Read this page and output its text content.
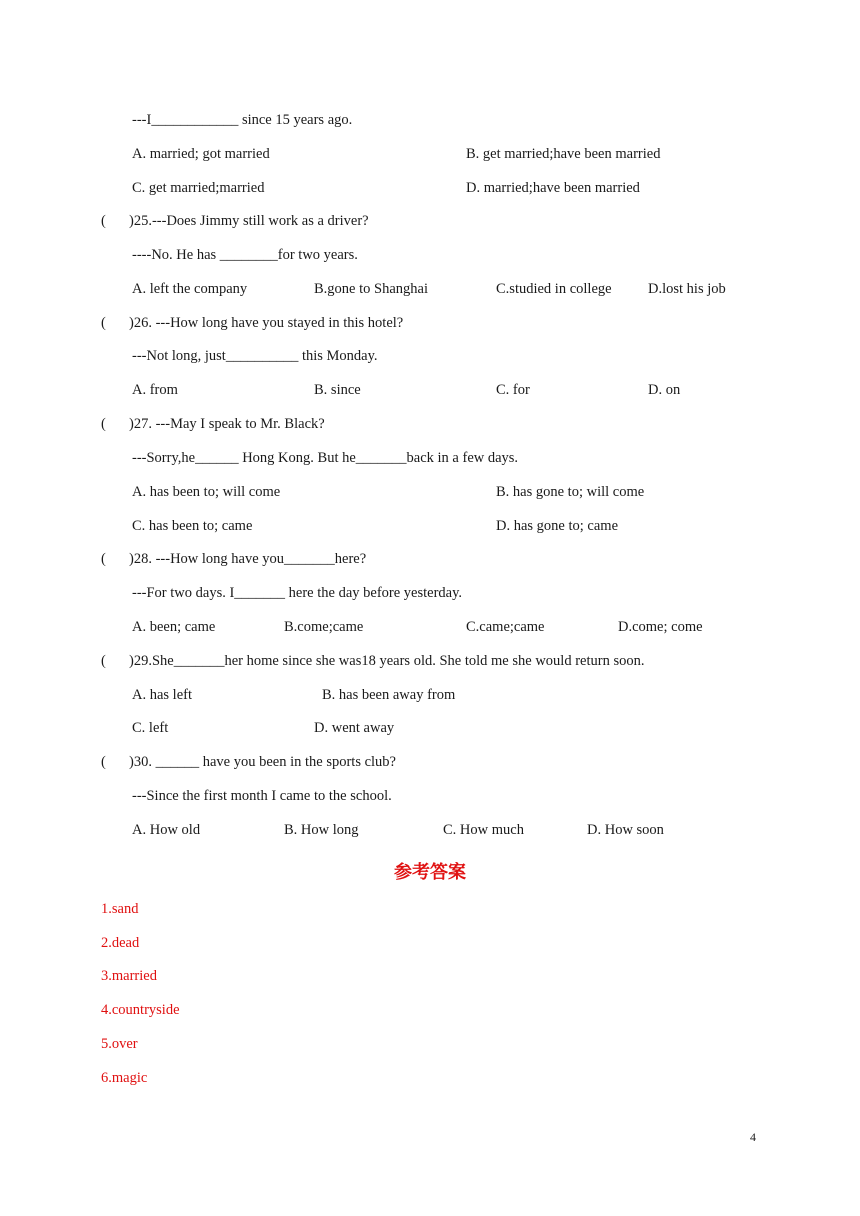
---I____________ since 15 years ago.
A. married; got married	B. get married;have been married
C. get married;married	D. married;have been married
( )25.---Does Jimmy still work as a driver?
----No. He has ________for two years.
A. left the company	B.gone to Shanghai	C.studied in college	D.lost his job
( )26. ---How long have you stayed in this hotel?
---Not long, just__________ this Monday.
A. from	B. since	C. for	D. on
( )27. ---May I speak to Mr. Black?
---Sorry,he______ Hong Kong. But he_______back in a few days.
A. has been to; will come	B. has gone to; will come
C. has been to; came	D. has gone to; came
( )28. ---How long have you_______here?
---For two days. I_______ here the day before yesterday.
A. been; came	B.come;came	C.came;came	D.come; come
( )29.She_______her home since she was18 years old. She told me she would return soon.
A. has left	B. has been away from
C. left	D. went away
( )30. ______ have you been in the sports club?
---Since the first month I came to the school.
A. How old	B. How long	C. How much	D. How soon
参考答案
1.sand
2.dead
3.married
4.countryside
5.over
6.magic
4
